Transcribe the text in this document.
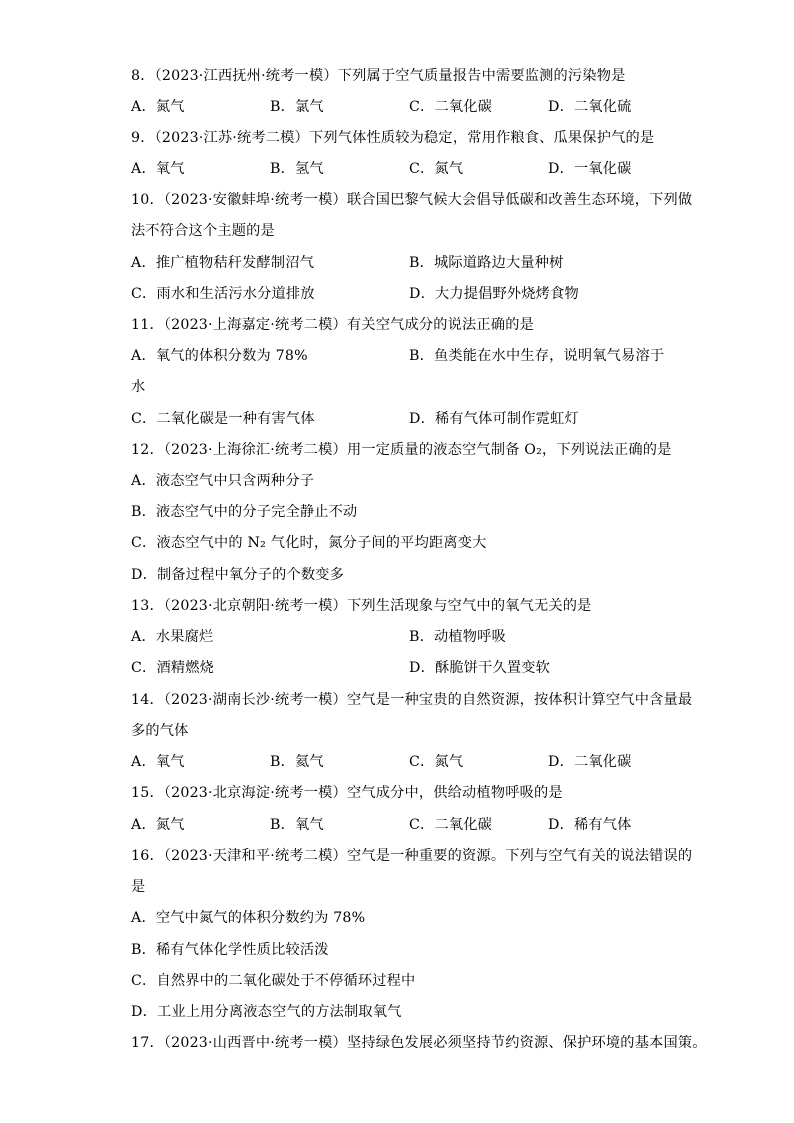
8．（2023·江西抚州·统考一模）下列属于空气质量报告中需要监测的污染物是
A．氮气	B．氯气	C．二氧化碳	D．二氧化硫
9．（2023·江苏·统考二模）下列气体性质较为稳定，常用作粮食、瓜果保护气的是
A．氧气	B．氢气	C．氮气	D．一氧化碳
10．（2023·安徽蚌埠·统考一模）联合国巴黎气候大会倡导低碳和改善生态环境，下列做
法不符合这个主题的是
A．推广植物秸秆发酵制沼气	B．城际道路边大量种树
C．雨水和生活污水分道排放	D．大力提倡野外烧烤食物
11．（2023·上海嘉定·统考二模）有关空气成分的说法正确的是
A．氧气的体积分数为 78%	B．鱼类能在水中生存，说明氧气易溶于
水
C．二氧化碳是一种有害气体	D．稀有气体可制作霓虹灯
12．（2023·上海徐汇·统考二模）用一定质量的液态空气制备 O₂，下列说法正确的是
A．液态空气中只含两种分子
B．液态空气中的分子完全静止不动
C．液态空气中的 N₂ 气化时，氮分子间的平均距离变大
D．制备过程中氧分子的个数变多
13．（2023·北京朝阳·统考一模）下列生活现象与空气中的氧气无关的是
A．水果腐烂	B．动植物呼吸
C．酒精燃烧	D．酥脆饼干久置变软
14．（2023·湖南长沙·统考一模）空气是一种宝贵的自然资源，按体积计算空气中含量最
多的气体
A．氧气	B．氦气	C．氮气	D．二氧化碳
15．（2023·北京海淀·统考一模）空气成分中，供给动植物呼吸的是
A．氮气	B．氧气	C．二氧化碳	D．稀有气体
16．（2023·天津和平·统考二模）空气是一种重要的资源。下列与空气有关的说法错误的
是
A．空气中氮气的体积分数约为 78%
B．稀有气体化学性质比较活泼
C．自然界中的二氧化碳处于不停循环过程中
D．工业上用分离液态空气的方法制取氧气
17．（2023·山西晋中·统考一模）坚持绿色发展必须坚持节约资源、保护环境的基本国策。
